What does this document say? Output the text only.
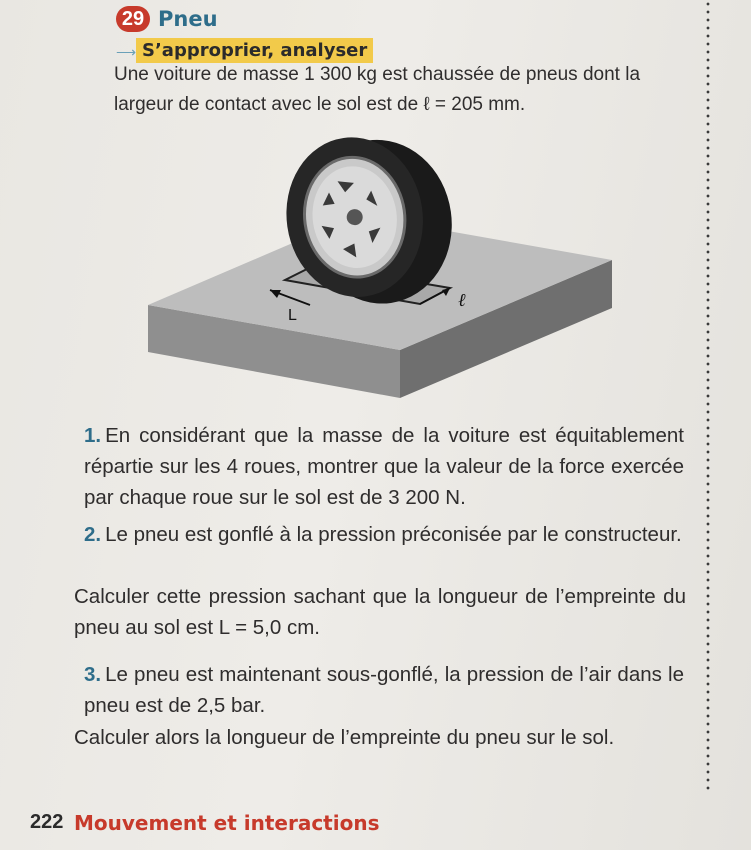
29 Pneu
⟶ S’approprier, analyser
Une voiture de masse 1 300 kg est chaussée de pneus dont la largeur de contact avec le sol est de ℓ = 205 mm.
L
ℓ
1. En considérant que la masse de la voiture est équitablement répartie sur les 4 roues, montrer que la valeur de la force exercée par chaque roue sur le sol est de 3 200 N.
2. Le pneu est gonflé à la pression préconisée par le constructeur.
Calculer cette pression sachant que la longueur de l’empreinte du pneu au sol est L = 5,0 cm.
3. Le pneu est maintenant sous-gonflé, la pression de l’air dans le pneu est de 2,5 bar.
Calculer alors la longueur de l’empreinte du pneu sur le sol.
222 Mouvement et interactions
